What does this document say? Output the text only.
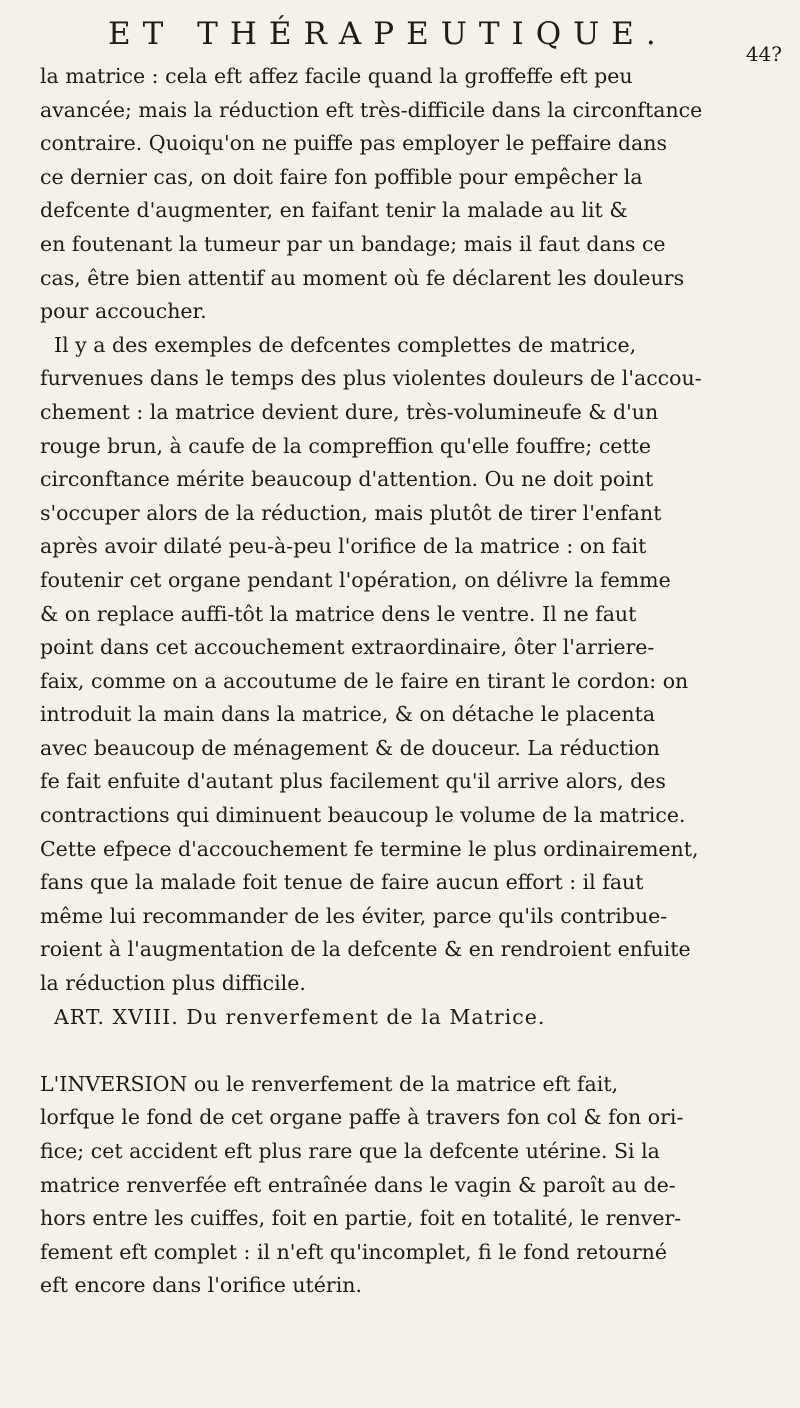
ET THÉRAPEUTIQUE.
44?
la matrice : cela eft affez facile quand la groffeffe eft peu
avancée; mais la réduction eft très-difficile dans la circonftance
contraire. Quoiqu'on ne puiffe pas employer le peffaire dans
ce dernier cas, on doit faire fon poffible pour empêcher la
defcente d'augmenter, en faifant tenir la malade au lit &
en foutenant la tumeur par un bandage; mais il faut dans ce
cas, être bien attentif au moment où fe déclarent les douleurs
pour accoucher.
Il y a des exemples de defcentes complettes de matrice,
furvenues dans le temps des plus violentes douleurs de l'accou-
chement : la matrice devient dure, très-volumineufe & d'un
rouge brun, à caufe de la compreffion qu'elle fouffre; cette
circonftance mérite beaucoup d'attention. Ou ne doit point
s'occuper alors de la réduction, mais plutôt de tirer l'enfant
après avoir dilaté peu-à-peu l'orifice de la matrice : on fait
foutenir cet organe pendant l'opération, on délivre la femme
& on replace auffi-tôt la matrice dens le ventre. Il ne faut
point dans cet accouchement extraordinaire, ôter l'arriere-
faix, comme on a accoutume de le faire en tirant le cordon: on
introduit la main dans la matrice, & on détache le placenta
avec beaucoup de ménagement & de douceur. La réduction
fe fait enfuite d'autant plus facilement qu'il arrive alors, des
contractions qui diminuent beaucoup le volume de la matrice.
Cette efpece d'accouchement fe termine le plus ordinairement,
fans que la malade foit tenue de faire aucun effort : il faut
même lui recommander de les éviter, parce qu'ils contribue-
roient à l'augmentation de la defcente & en rendroient enfuite
la réduction plus difficile.
ART. XVIII. Du renverfement de la Matrice.
L'INVERSION ou le renverfement de la matrice eft fait,
lorfque le fond de cet organe paffe à travers fon col & fon ori-
fice; cet accident eft plus rare que la defcente utérine. Si la
matrice renverfée eft entraînée dans le vagin & paroît au de-
hors entre les cuiffes, foit en partie, foit en totalité, le renver-
fement eft complet : il n'eft qu'incomplet, fi le fond retourné
eft encore dans l'orifice utérin.
